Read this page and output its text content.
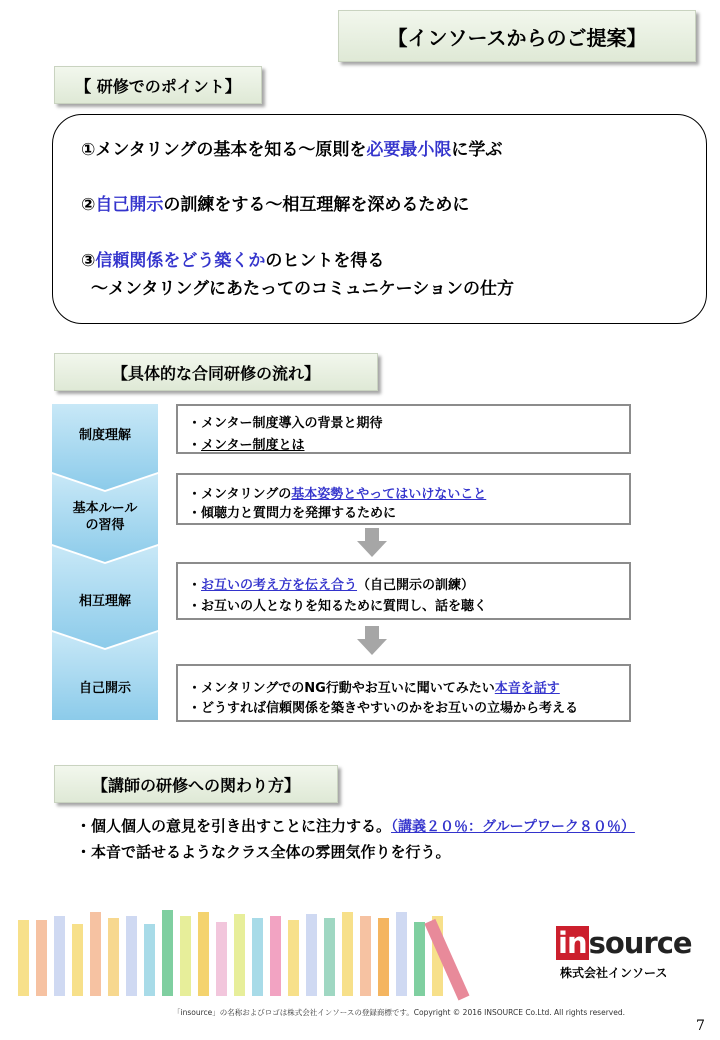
【インソースからのご提案】
【 研修でのポイント】
①メンタリングの基本を知る～原則を必要最小限に学ぶ
②自己開示の訓練をする～相互理解を深めるために
③信頼関係をどう築くかのヒントを得る
～メンタリングにあたってのコミュニケーションの仕方
【具体的な合同研修の流れ】
制度理解
基本ルール
の習得
相互理解
自己開示
・メンター制度導入の背景と期待
・メンター制度とは
・メンタリングの基本姿勢とやってはいけないこと
・傾聴力と質問力を発揮するために
・お互いの考え方を伝え合う（自己開示の訓練）
・お互いの人となりを知るために質問し、話を聴く
・メンタリングでのNG行動やお互いに聞いてみたい本音を話す
・どうすれば信頼関係を築きやすいのかをお互いの立場から考える
【講師の研修への関わり方】
・個人個人の意見を引き出すことに注力する。（講義２０％：グループワーク８０％）
・本音で話せるようなクラス全体の雰囲気作りを行う。
insource
株式会社インソース
「insource」の名称およびロゴは株式会社インソースの登録商標です。Copyright © 2016 INSOURCE Co.Ltd. All rights reserved.
7
